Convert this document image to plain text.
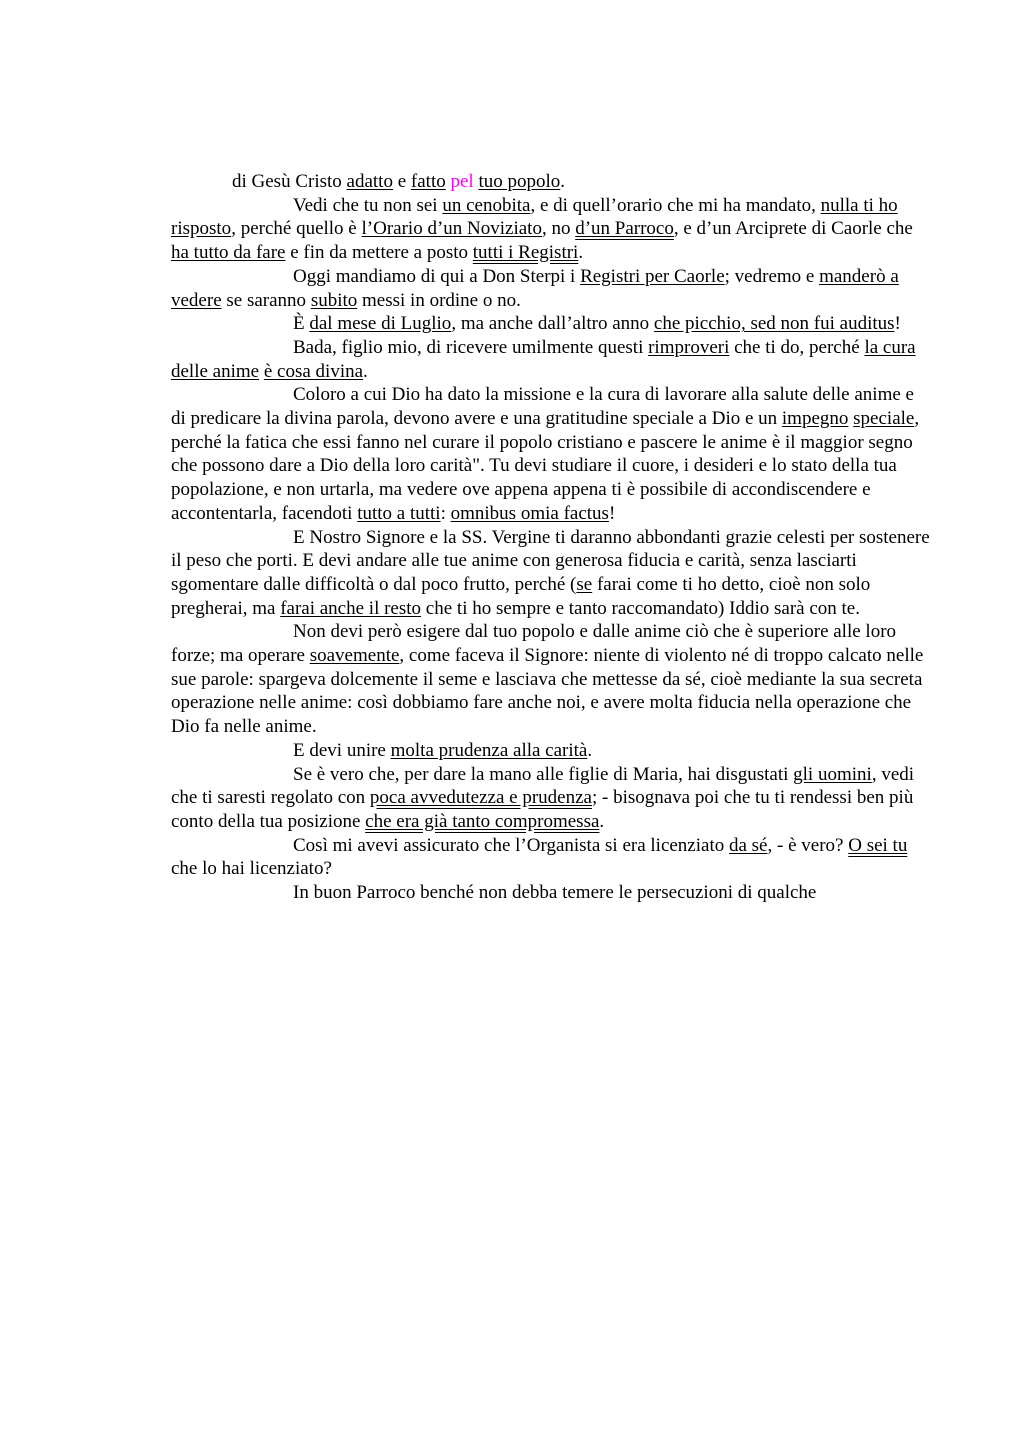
di Gesù Cristo adatto e fatto pel tuo popolo.

Vedi che tu non sei un cenobita, e di quell’orario che mi ha mandato, nulla ti ho risposto, perché quello è l’Orario d’un Noviziato, no d’un Parroco, e d’un Arciprete di Caorle che ha tutto da fare e fin da mettere a posto tutti i Registri.

Oggi mandiamo di qui a Don Sterpi i Registri per Caorle; vedremo e manderò a vedere se saranno subito messi in ordine o no.

È dal mese di Luglio, ma anche dall’altro anno che picchio, sed non fui auditus!

Bada, figlio mio, di ricevere umilmente questi rimproveri che ti do, perché la cura delle anime è cosa divina.

Coloro a cui Dio ha dato la missione e la cura di lavorare alla salute delle anime e di predicare la divina parola, devono avere e una gratitudine speciale a Dio e un impegno speciale, perché la fatica che essi fanno nel curare il popolo cristiano e pascere le anime è il maggior segno che possono dare a Dio della loro carità". Tu devi studiare il cuore, i desideri e lo stato della tua popolazione, e non urtarla, ma vedere ove appena appena ti è possibile di accondiscendere e accontentarla, facendoti tutto a tutti: omnibus omia factus!

E Nostro Signore e la SS. Vergine ti daranno abbondanti grazie celesti per sostenere il peso che porti. E devi andare alle tue anime con generosa fiducia e carità, senza lasciarti sgomentare dalle difficoltà o dal poco frutto, perché (se farai come ti ho detto, cioè non solo pregherai, ma farai anche il resto che ti ho sempre e tanto raccomandato) Iddio sarà con te.

Non devi però esigere dal tuo popolo e dalle anime ciò che è superiore alle loro forze; ma operare soavemente, come faceva il Signore: niente di violento né di troppo calcato nelle sue parole: spargeva dolcemente il seme e lasciava che mettesse da sé, cioè mediante la sua secreta operazione nelle anime: così dobbiamo fare anche noi, e avere molta fiducia nella operazione che Dio fa nelle anime.

E devi unire molta prudenza alla carità.

Se è vero che, per dare la mano alle figlie di Maria, hai disgustati gli uomini, vedi che ti saresti regolato con poca avvedutezza e prudenza; - bisognava poi che tu ti rendessi ben più conto della tua posizione che era già tanto compromessa.

Così mi avevi assicurato che l’Organista si era licenziato da sé, - è vero? O sei tu che lo hai licenziato?

In buon Parroco benché non debba temere le persecuzioni di qualche
